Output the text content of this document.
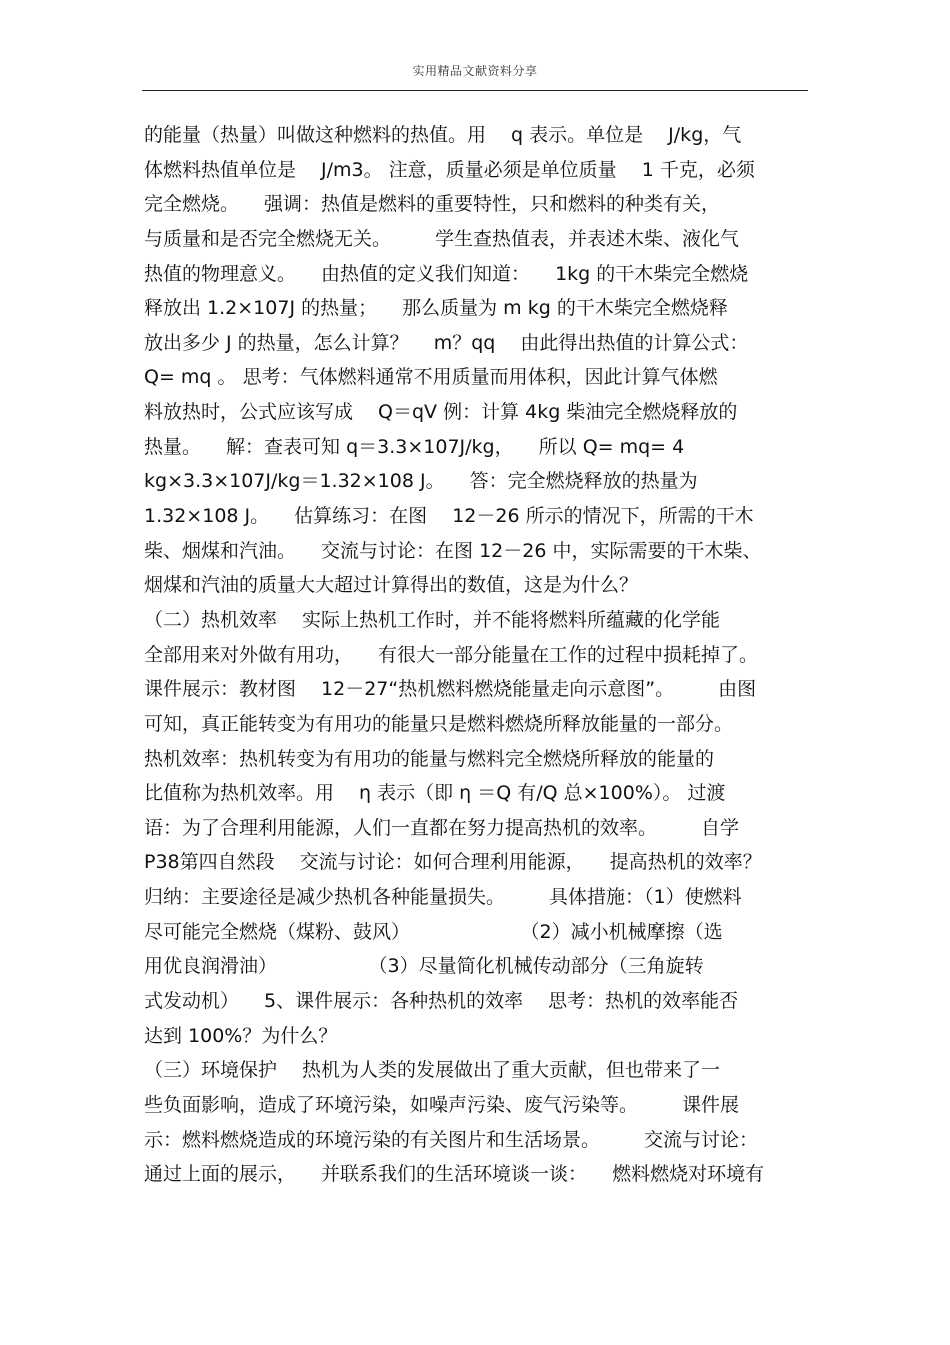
实用精品文献资料分享
的能量（热量）叫做这种燃料的热值。用 　q 表示。单位是 　J/kg，气
体燃料热值单位是 　J/m3。 注意，质量必须是单位质量 　1 千克，必须
完全燃烧。 　强调：热值是燃料的重要特性，只和燃料的种类有关，
与质量和是否完全燃烧无关。 　　学生查热值表，并表述木柴、液化气
热值的物理意义。 　由热值的定义我们知道： 　1kg 的干木柴完全燃烧
释放出 1.2×107J 的热量； 　那么质量为 m kg 的干木柴完全燃烧释
放出多少 J 的热量，怎么计算？ 　m？qq 　由此得出热值的计算公式：
Q= mq 。 思考：气体燃料通常不用质量而用体积，因此计算气体燃
料放热时，公式应该写成 　Q＝qV 例：计算 4kg 柴油完全燃烧释放的
热量。 　解：查表可知 q＝3.3×107J/kg， 　所以 Q= mq= 4
kg×3.3×107J/kg＝1.32×108 J。 　答：完全燃烧释放的热量为
1.32×108 J。 　估算练习：在图 　12－26 所示的情况下，所需的干木
柴、烟煤和汽油。 　交流与讨论：在图 12－26 中，实际需要的干木柴、
烟煤和汽油的质量大大超过计算得出的数值，这是为什么？
（二）热机效率 　实际上热机工作时，并不能将燃料所蕴藏的化学能
全部用来对外做有用功， 　有很大一部分能量在工作的过程中损耗掉了。
课件展示：教材图 　12－27“热机燃料燃烧能量走向示意图”。 　　由图
可知，真正能转变为有用功的能量只是燃料燃烧所释放能量的一部分。
热机效率：热机转变为有用功的能量与燃料完全燃烧所释放的能量的
比值称为热机效率。用 　η 表示（即 η ＝Q 有/Q 总×100%）。 过渡
语：为了合理利用能源，人们一直都在努力提高热机的效率。 　　自学
P38第四自然段 　交流与讨论：如何合理利用能源， 　提高热机的效率？
归纳：主要途径是减少热机各种能量损失。 　　具体措施：（1）使燃料
尽可能完全燃烧（煤粉、鼓风） 　　　　　　（2）减小机械摩擦（选
用优良润滑油） 　　　　　（3）尽量简化机械传动部分（三角旋转
式发动机） 　5、课件展示：各种热机的效率 　思考：热机的效率能否
达到 100%？为什么？
（三）环境保护 　热机为人类的发展做出了重大贡献，但也带来了一
些负面影响，造成了环境污染，如噪声污染、废气污染等。 　　课件展
示：燃料燃烧造成的环境污染的有关图片和生活场景。 　　交流与讨论：
通过上面的展示， 　并联系我们的生活环境谈一谈： 　燃料燃烧对环境有
